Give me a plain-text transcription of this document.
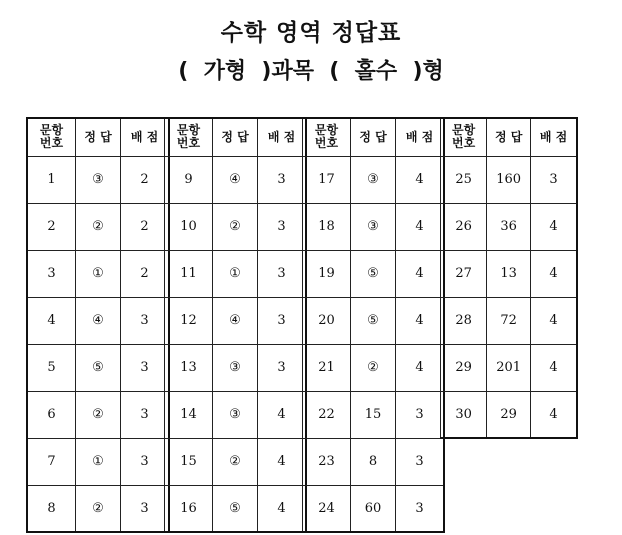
수학 영역 정답표
(  가형  )과목  (  홀수  )형
문항
번호	정 답	배 점
1	③	2
2	②	2
3	①	2
4	④	3
5	⑤	3
6	②	3
7	①	3
8	②	3
문항
번호	정 답	배 점
9	④	3
10	②	3
11	①	3
12	④	3
13	③	3
14	③	4
15	②	4
16	⑤	4
문항
번호	정 답	배 점
17	③	4
18	③	4
19	⑤	4
20	⑤	4
21	②	4
22	15	3
23	8	3
24	60	3
문항
번호	정 답	배 점
25	160	3
26	36	4
27	13	4
28	72	4
29	201	4
30	29	4
